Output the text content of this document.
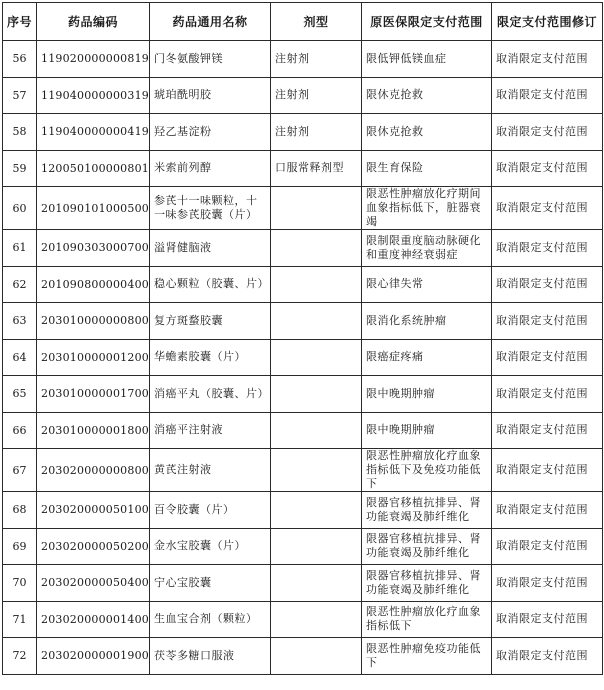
序号	药品编码	药品通用名称	剂型	原医保限定支付范围	限定支付范围修订
56	119020000000819	门冬氨酸钾镁	注射剂	限低钾低镁血症	取消限定支付范围
57	119040000000319	琥珀酰明胶	注射剂	限休克抢救	取消限定支付范围
58	119040000000419	羟乙基淀粉	注射剂	限休克抢救	取消限定支付范围
59	120050100000801	米索前列醇	口服常释剂型	限生育保险	取消限定支付范围
60	201090101000500	参芪十一味颗粒，十一味参芪胶囊（片）		限恶性肿瘤放化疗期间血象指标低下，脏器衰竭	取消限定支付范围
61	201090303000700	溢肾健脑液		限制限重度脑动脉硬化和重度神经衰弱症	取消限定支付范围
62	201090800000400	稳心颗粒（胶囊、片）		限心律失常	取消限定支付范围
63	203010000000800	复方斑蝥胶囊		限消化系统肿瘤	取消限定支付范围
64	203010000001200	华蟾素胶囊（片）		限癌症疼痛	取消限定支付范围
65	203010000001700	消癌平丸（胶囊、片）		限中晚期肿瘤	取消限定支付范围
66	203010000001800	消癌平注射液		限中晚期肿瘤	取消限定支付范围
67	203020000000800	黄芪注射液		限恶性肿瘤放化疗血象指标低下及免疫功能低下	取消限定支付范围
68	203020000050100	百令胶囊（片）		限器官移植抗排异、肾功能衰竭及肺纤维化	取消限定支付范围
69	203020000050200	金水宝胶囊（片）		限器官移植抗排异、肾功能衰竭及肺纤维化	取消限定支付范围
70	203020000050400	宁心宝胶囊		限器官移植抗排异、肾功能衰竭及肺纤维化	取消限定支付范围
71	203020000001400	生血宝合剂（颗粒）		限恶性肿瘤放化疗血象指标低下	取消限定支付范围
72	203020000001900	茯苓多糖口服液		限恶性肿瘤免疫功能低下	取消限定支付范围
